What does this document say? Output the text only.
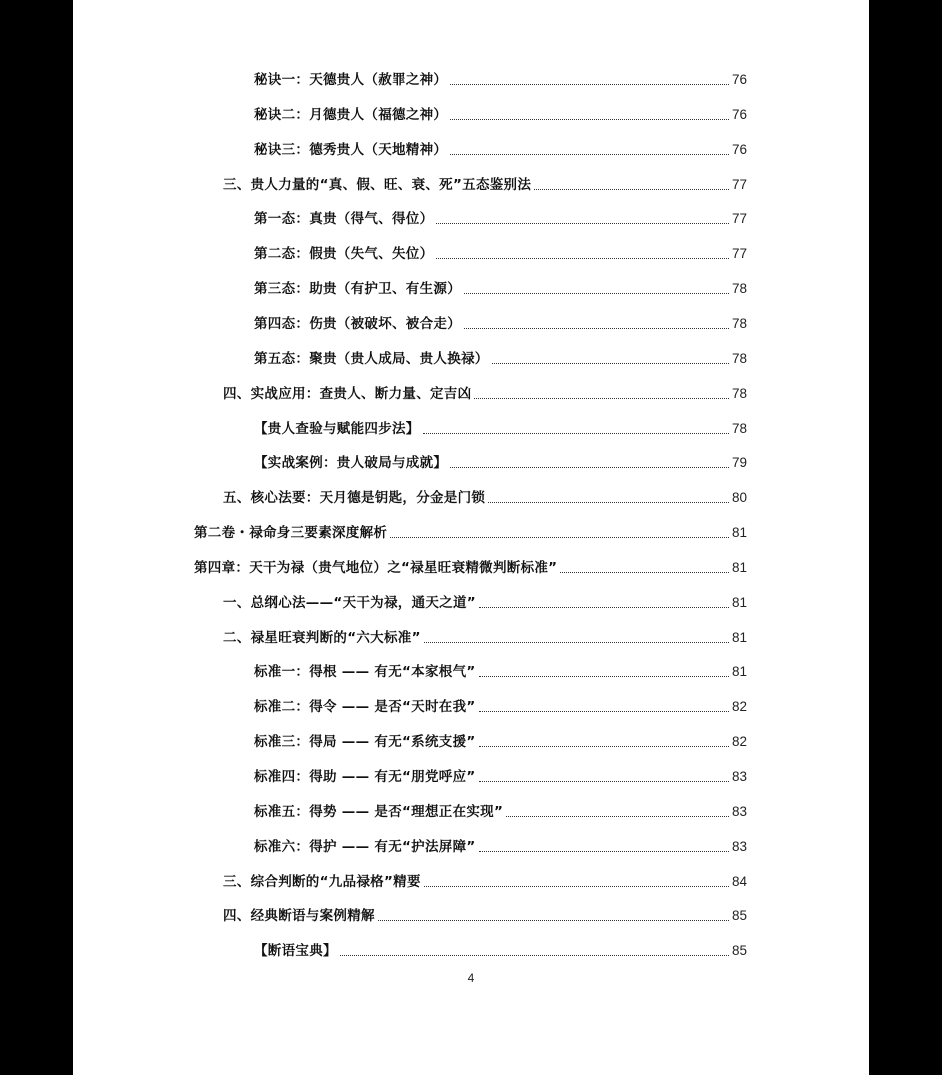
秘诀一：天德贵人（赦罪之神）	76
秘诀二：月德贵人（福德之神）	76
秘诀三：德秀贵人（天地精神）	76
三、贵人力量的“真、假、旺、衰、死”五态鉴别法	77
第一态：真贵（得气、得位）	77
第二态：假贵（失气、失位）	77
第三态：助贵（有护卫、有生源）	78
第四态：伤贵（被破坏、被合走）	78
第五态：聚贵（贵人成局、贵人换禄）	78
四、实战应用：查贵人、断力量、定吉凶	78
【贵人查验与赋能四步法】	78
【实战案例：贵人破局与成就】	79
五、核心法要：天月德是钥匙，分金是门锁	80
第二卷・禄命身三要素深度解析	81
第四章：天干为禄（贵气地位）之“禄星旺衰精微判断标准”	81
一、总纲心法——“天干为禄，通天之道”	81
二、禄星旺衰判断的“六大标准”	81
标准一：得根 —— 有无“本家根气”	81
标准二：得令 —— 是否“天时在我”	82
标准三：得局 —— 有无“系统支援”	82
标准四：得助 —— 有无“朋党呼应”	83
标准五：得势 —— 是否“理想正在实现”	83
标准六：得护 —— 有无“护法屏障”	83
三、综合判断的“九品禄格”精要	84
四、经典断语与案例精解	85
【断语宝典】	85
4
